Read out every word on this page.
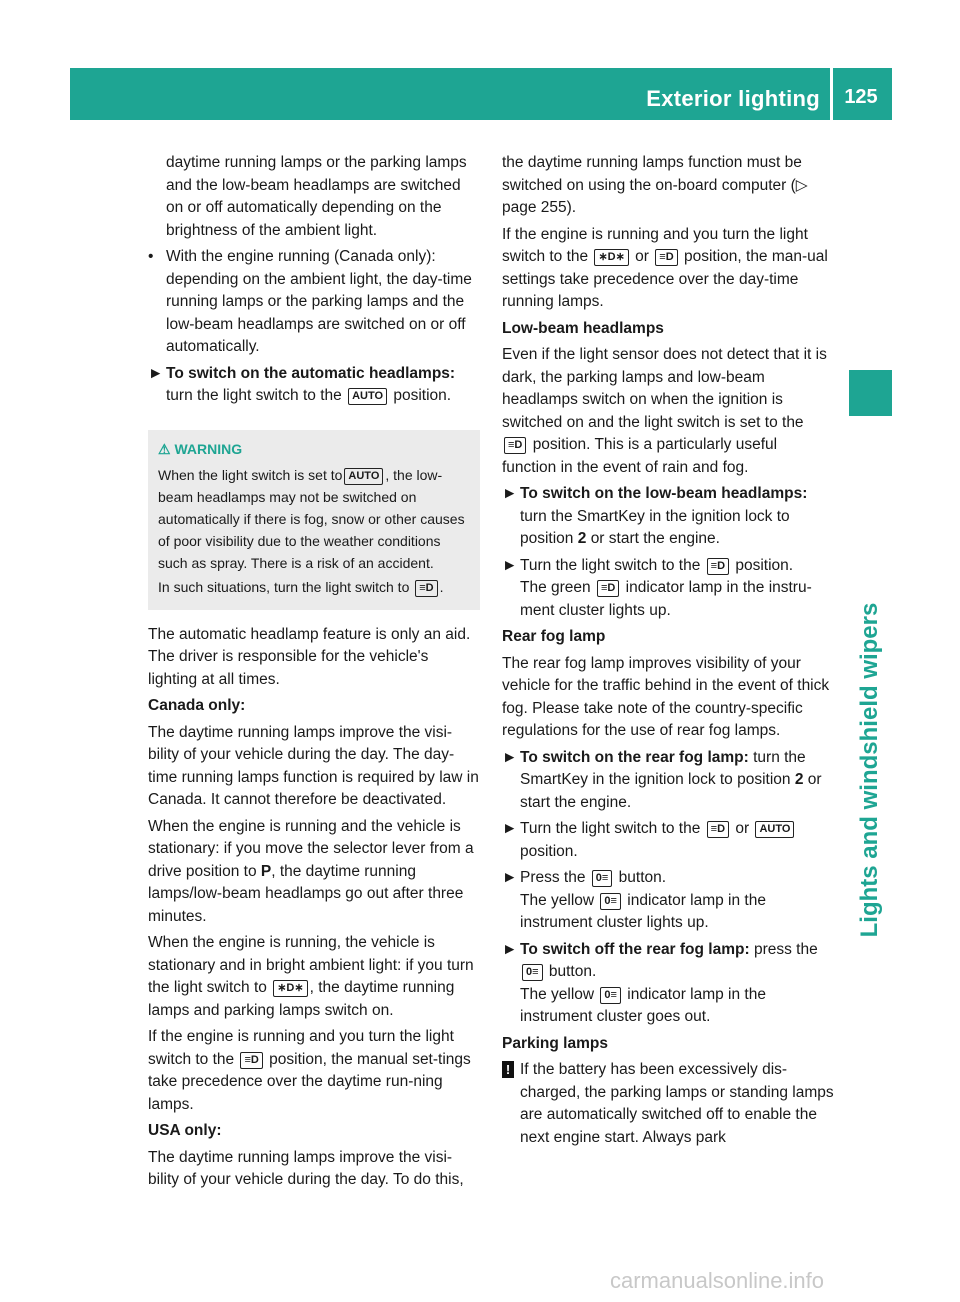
Exterior lighting	125
Lights and windshield wipers

daytime running lamps or the parking lamps and the low-beam headlamps are switched on or off automatically depending on the brightness of the ambient light.

• With the engine running (Canada only): depending on the ambient light, the day-time running lamps or the parking lamps and the low-beam headlamps are switched on or off automatically.
► To switch on the automatic headlamps: turn the light switch to the AUTO position.
⚠ WARNING

When the light switch is set to AUTO , the low-beam headlamps may not be switched on automatically if there is fog, snow or other causes of poor visibility due to the weather conditions such as spray. There is a risk of an accident.

In such situations, turn the light switch to ≡D .

The automatic headlamp feature is only an aid. The driver is responsible for the vehicle's lighting at all times.

Canada only:

The daytime running lamps improve the visi-bility of your vehicle during the day. The day-time running lamps function is required by law in Canada. It cannot therefore be deactivated.

When the engine is running and the vehicle is stationary: if you move the selector lever from a drive position to P, the daytime running lamps/low-beam headlamps go out after three minutes.

When the engine is running, the vehicle is stationary and in bright ambient light: if you turn the light switch to ∗D∗ , the daytime running lamps and parking lamps switch on.

If the engine is running and you turn the light switch to the ≡D position, the manual set-tings take precedence over the daytime run-ning lamps.

USA only:

The daytime running lamps improve the visi-bility of your vehicle during the day. To do this,

the daytime running lamps function must be switched on using the on-board computer (▷ page 255).

If the engine is running and you turn the light switch to the ∗D∗ or ≡D position, the man-ual settings take precedence over the day-time running lamps.

Low-beam headlamps

Even if the light sensor does not detect that it is dark, the parking lamps and low-beam headlamps switch on when the ignition is switched on and the light switch is set to the ≡D position. This is a particularly useful function in the event of rain and fog.

► To switch on the low-beam headlamps: turn the SmartKey in the ignition lock to position 2 or start the engine.
► Turn the light switch to the ≡D position.
The green ≡D indicator lamp in the instru-ment cluster lights up.

Rear fog lamp

The rear fog lamp improves visibility of your vehicle for the traffic behind in the event of thick fog. Please take note of the country-specific regulations for the use of rear fog lamps.

► To switch on the rear fog lamp: turn the SmartKey in the ignition lock to position 2 or start the engine.
► Turn the light switch to the ≡D or AUTO
position.
► Press the 0≡ button.
The yellow 0≡ indicator lamp in the instrument cluster lights up.
► To switch off the rear fog lamp: press the 0≡ button.
The yellow 0≡ indicator lamp in the instrument cluster goes out.

Parking lamps

! If the battery has been excessively dis-charged, the parking lamps or standing lamps are automatically switched off to enable the next engine start. Always park
carmanualsonline.info
